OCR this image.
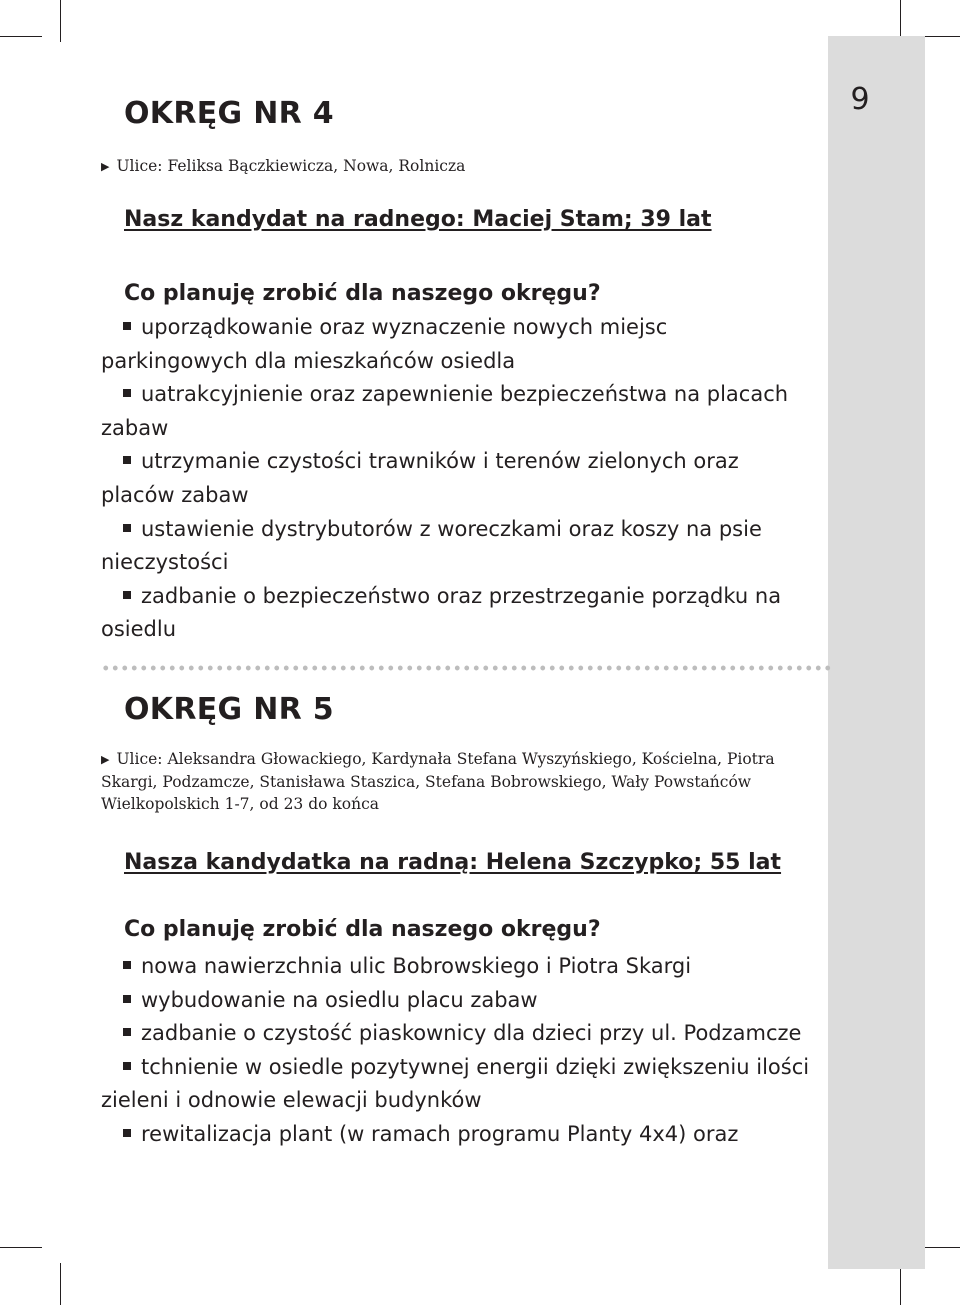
9
OKRĘG NR 4
▶ Ulice: Feliksa Bączkiewicza, Nowa, Rolnicza
Nasz kandydat na radnego: Maciej Stam; 39 lat
Co planuję zrobić dla naszego okręgu?
uporządkowanie oraz wyznaczenie nowych miejsc parkingowych dla mieszkańców osiedla
uatrakcyjnienie oraz zapewnienie bezpieczeństwa na placach zabaw
utrzymanie czystości trawników i terenów zielonych oraz placów zabaw
ustawienie dystrybutorów z woreczkami oraz koszy na psie nieczystości
zadbanie o bezpieczeństwo oraz przestrzeganie porządku na osiedlu
OKRĘG NR 5
▶ Ulice: Aleksandra Głowackiego, Kardynała Stefana Wyszyńskiego, Kościelna, Piotra Skargi, Podzamcze, Stanisława Staszica, Stefana Bobrowskiego, Wały Powstańców Wielkopolskich 1-7, od 23 do końca
Nasza kandydatka na radną: Helena Szczypko; 55 lat
Co planuję zrobić dla naszego okręgu?
nowa nawierzchnia ulic Bobrowskiego i Piotra Skargi
wybudowanie na osiedlu placu zabaw
zadbanie o czystość piaskownicy dla dzieci przy ul. Podzamcze
tchnienie w osiedle pozytywnej energii dzięki zwiększeniu ilości zieleni i odnowie elewacji budynków
rewitalizacja plant (w ramach programu Planty 4x4) oraz
